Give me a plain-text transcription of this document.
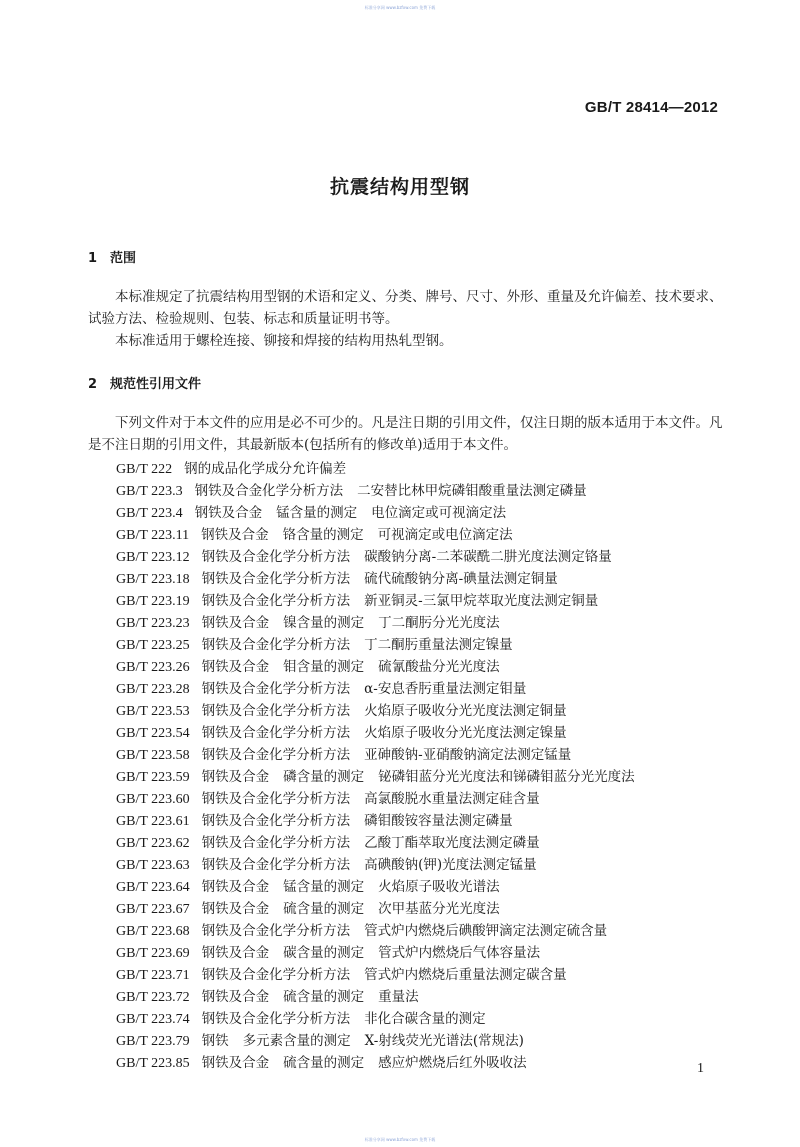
标准分享网 www.bzfxw.com 免费下载
GB/T 28414—2012
抗震结构用型钢
1 范围
本标准规定了抗震结构用型钢的术语和定义、分类、牌号、尺寸、外形、重量及允许偏差、技术要求、试验方法、检验规则、包装、标志和质量证明书等。
本标准适用于螺栓连接、铆接和焊接的结构用热轧型钢。
2 规范性引用文件
下列文件对于本文件的应用是必不可少的。凡是注日期的引用文件，仅注日期的版本适用于本文件。凡是不注日期的引用文件，其最新版本(包括所有的修改单)适用于本文件。
GB/T 222 钢的成品化学成分允许偏差
GB/T 223.3 钢铁及合金化学分析方法 二安替比林甲烷磷钼酸重量法测定磷量
GB/T 223.4 钢铁及合金 锰含量的测定 电位滴定或可视滴定法
GB/T 223.11 钢铁及合金 铬含量的测定 可视滴定或电位滴定法
GB/T 223.12 钢铁及合金化学分析方法 碳酸钠分离-二苯碳酰二肼光度法测定铬量
GB/T 223.18 钢铁及合金化学分析方法 硫代硫酸钠分离-碘量法测定铜量
GB/T 223.19 钢铁及合金化学分析方法 新亚铜灵-三氯甲烷萃取光度法测定铜量
GB/T 223.23 钢铁及合金 镍含量的测定 丁二酮肟分光光度法
GB/T 223.25 钢铁及合金化学分析方法 丁二酮肟重量法测定镍量
GB/T 223.26 钢铁及合金 钼含量的测定 硫氰酸盐分光光度法
GB/T 223.28 钢铁及合金化学分析方法 α-安息香肟重量法测定钼量
GB/T 223.53 钢铁及合金化学分析方法 火焰原子吸收分光光度法测定铜量
GB/T 223.54 钢铁及合金化学分析方法 火焰原子吸收分光光度法测定镍量
GB/T 223.58 钢铁及合金化学分析方法 亚砷酸钠-亚硝酸钠滴定法测定锰量
GB/T 223.59 钢铁及合金 磷含量的测定 铋磷钼蓝分光光度法和锑磷钼蓝分光光度法
GB/T 223.60 钢铁及合金化学分析方法 高氯酸脱水重量法测定硅含量
GB/T 223.61 钢铁及合金化学分析方法 磷钼酸铵容量法测定磷量
GB/T 223.62 钢铁及合金化学分析方法 乙酸丁酯萃取光度法测定磷量
GB/T 223.63 钢铁及合金化学分析方法 高碘酸钠(钾)光度法测定锰量
GB/T 223.64 钢铁及合金 锰含量的测定 火焰原子吸收光谱法
GB/T 223.67 钢铁及合金 硫含量的测定 次甲基蓝分光光度法
GB/T 223.68 钢铁及合金化学分析方法 管式炉内燃烧后碘酸钾滴定法测定硫含量
GB/T 223.69 钢铁及合金 碳含量的测定 管式炉内燃烧后气体容量法
GB/T 223.71 钢铁及合金化学分析方法 管式炉内燃烧后重量法测定碳含量
GB/T 223.72 钢铁及合金 硫含量的测定 重量法
GB/T 223.74 钢铁及合金化学分析方法 非化合碳含量的测定
GB/T 223.79 钢铁 多元素含量的测定 X-射线荧光光谱法(常规法)
GB/T 223.85 钢铁及合金 硫含量的测定 感应炉燃烧后红外吸收法	1
标准分享网 www.bzfxw.com 免费下载
